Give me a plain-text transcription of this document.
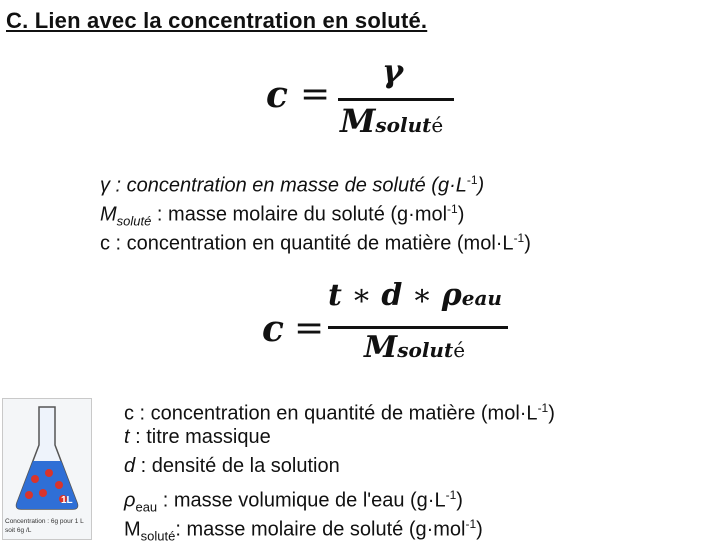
C. Lien avec la concentration en soluté.
c =
γ
Msoluté
γ : concentration en masse de soluté $(g\cdot L^{-1})$
$M_{soluté}$ : masse molaire du soluté (g·mol$^{-1}$)
c : concentration en quantité de matière $(mol\cdot L^{-1})$
c =
t ∗ d ∗ ρeau
Msoluté
1L
Concentration : 6g pour 1 L
soit 6g /L
c : concentration en quantité de matière $(mol\cdot L^{-1})$
t : titre massique
d : densité de la solution
$\rho_{eau}$ : masse volumique de l'eau $(g\cdot L^{-1})$
$M_{soluté}$: masse molaire de soluté (g·mol$^{-1}$)
